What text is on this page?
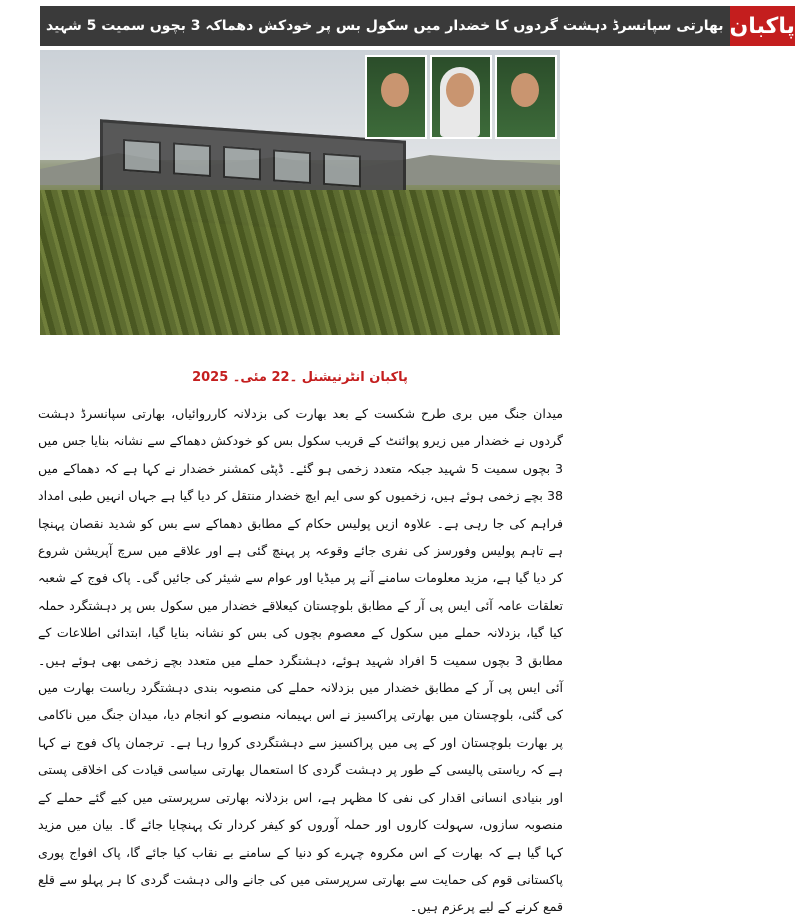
پاکبان
بھارتی سپانسرڈ دہشت گردوں کا خضدار میں سکول بس پر خودکش دھماکہ 3 بچوں سمیت 5 شہید
پاکبان انٹرنیشنل ۔22 مئی۔ 2025
میدان جنگ میں بری طرح شکست کے بعد بھارت کی بزدلانہ کارروائیاں، بھارتی سپانسرڈ دہشت گردوں نے خضدار میں زیرو پوائنٹ کے قریب سکول بس کو خودکش دھماکے سے نشانہ بنایا جس میں 3 بچوں سمیت 5 شہید جبکہ متعدد زخمی ہو گئے۔ ڈپٹی کمشنر خضدار نے کہا ہے کہ دھماکے میں 38 بچے زخمی ہوئے ہیں، زخمیوں کو سی ایم ایچ خضدار منتقل کر دیا گیا ہے جہاں انہیں طبی امداد فراہم کی جا رہی ہے۔ علاوہ ازیں پولیس حکام کے مطابق دھماکے سے بس کو شدید نقصان پہنچا ہے تاہم پولیس وفورسز کی نفری جائے وقوعہ پر پہنچ گئی ہے اور علاقے میں سرچ آپریشن شروع کر دیا گیا ہے، مزید معلومات سامنے آنے پر میڈیا اور عوام سے شیئر کی جائیں گی۔ پاک فوج کے شعبہ تعلقات عامہ آئی ایس پی آر کے مطابق بلوچستان کیعلاقے خضدار میں سکول بس پر دہشتگرد حملہ کیا گیا، بزدلانہ حملے میں سکول کے معصوم بچوں کی بس کو نشانہ بنایا گیا، ابتدائی اطلاعات کے مطابق 3 بچوں سمیت 5 افراد شہید ہوئے، دہشتگرد حملے میں متعدد بچے زخمی بھی ہوئے ہیں۔ آئی ایس پی آر کے مطابق خضدار میں بزدلانہ حملے کی منصوبہ بندی دہشتگرد ریاست بھارت میں کی گئی، بلوچستان میں بھارتی پراکسیز نے اس بہیمانہ منصوبے کو انجام دیا، میدان جنگ میں ناکامی پر بھارت بلوچستان اور کے پی میں پراکسیز سے دہشتگردی کروا رہا ہے۔ ترجمان پاک فوج نے کہا ہے کہ ریاستی پالیسی کے طور پر دہشت گردی کا استعمال بھارتی سیاسی قیادت کی اخلاقی پستی اور بنیادی انسانی اقدار کی نفی کا مظہر ہے، اس بزدلانہ بھارتی سرپرستی میں کیے گئے حملے کے منصوبہ سازوں، سہولت کاروں اور حملہ آوروں کو کیفر کردار تک پہنچایا جائے گا۔ بیان میں مزید کہا گیا ہے کہ بھارت کے اس مکروہ چہرے کو دنیا کے سامنے بے نقاب کیا جائے گا، پاک افواج پوری پاکستانی قوم کی حمایت سے بھارتی سرپرستی میں کی جانے والی دہشت گردی کا ہر پہلو سے قلع قمع کرنے کے لیے پرعزم ہیں۔
